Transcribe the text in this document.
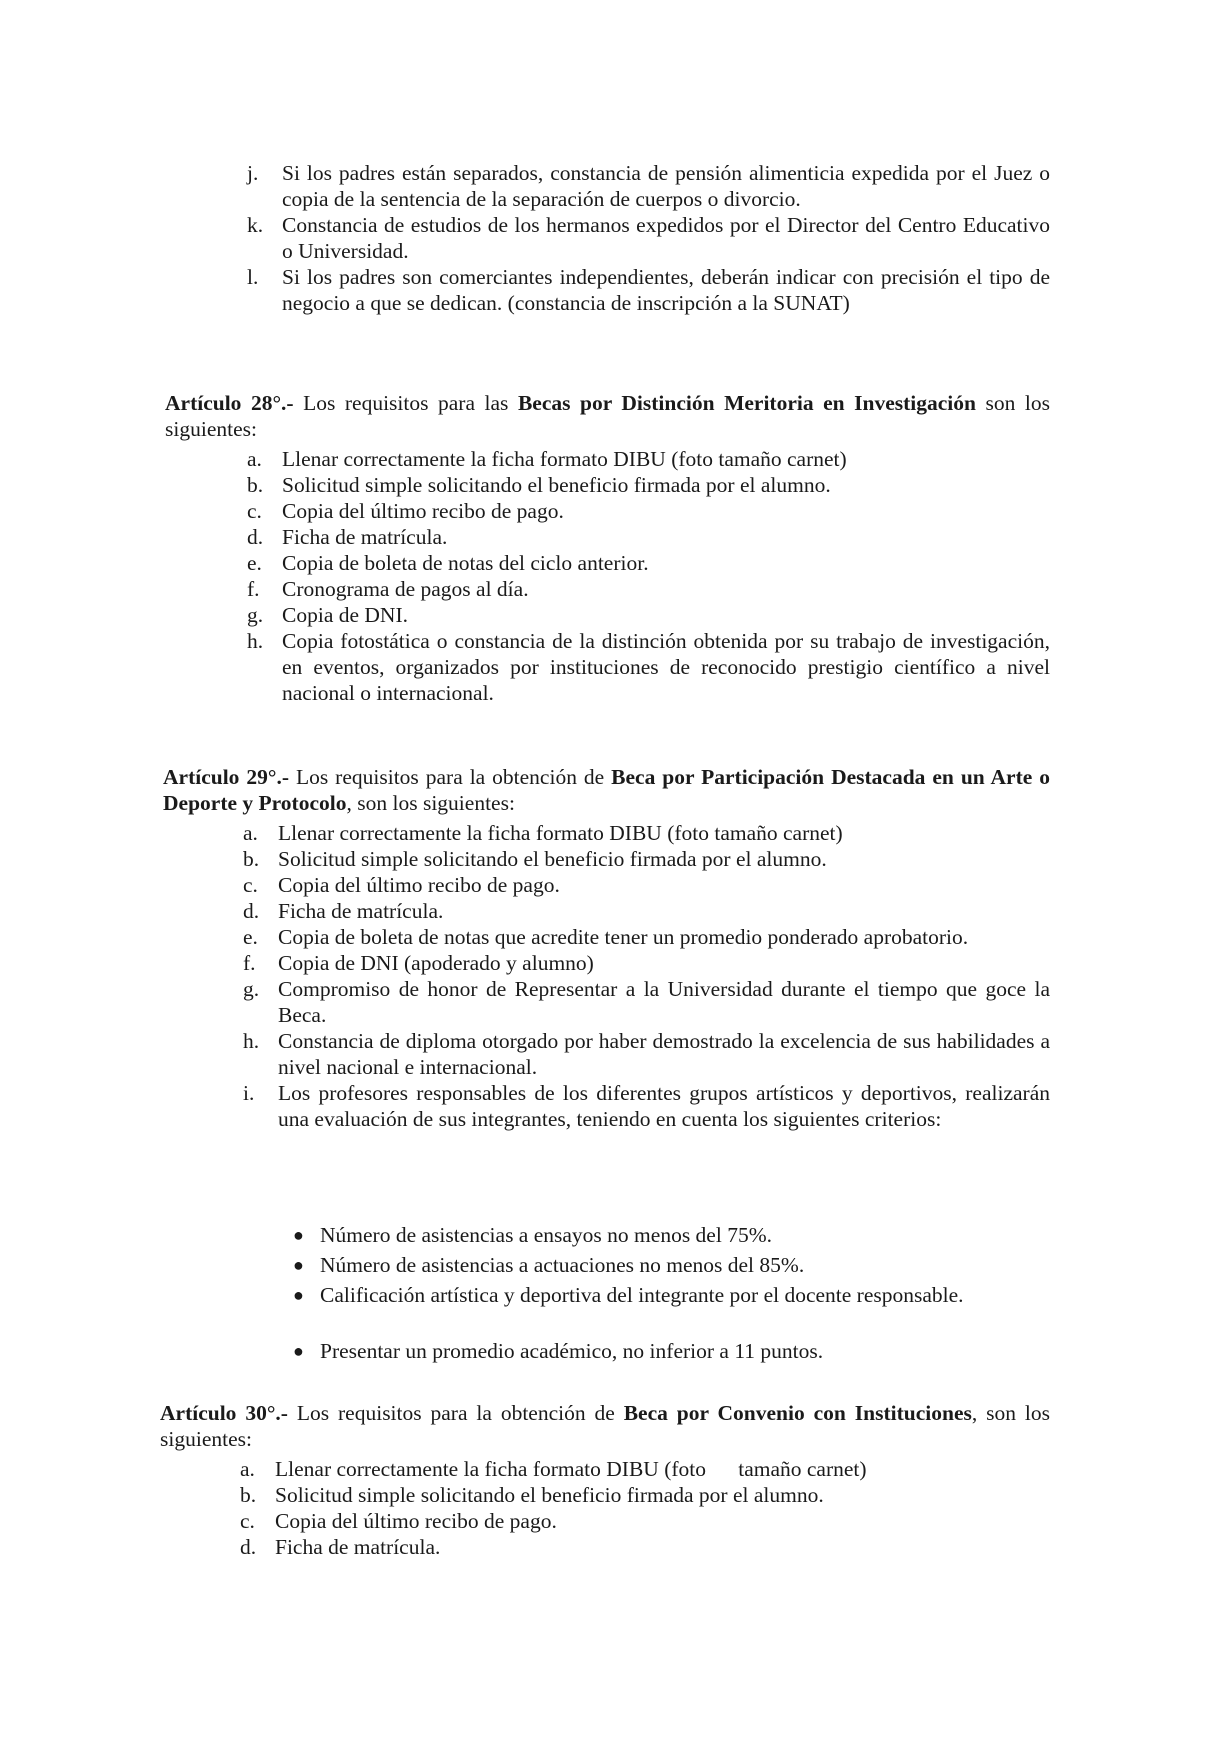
j. Si los padres están separados, constancia de pensión alimenticia expedida por el Juez o copia de la sentencia de la separación de cuerpos o divorcio.
k. Constancia de estudios de los hermanos expedidos por el Director del Centro Educativo o Universidad.
l. Si los padres son comerciantes independientes, deberán indicar con precisión el tipo de negocio a que se dedican. (constancia de inscripción a la SUNAT)
Artículo 28°.- Los requisitos para las Becas por Distinción Meritoria en Investigación son los siguientes:
a. Llenar correctamente la ficha formato DIBU (foto tamaño carnet)
b. Solicitud simple solicitando el beneficio firmada por el alumno.
c. Copia del último recibo de pago.
d. Ficha de matrícula.
e. Copia de boleta de notas del ciclo anterior.
f. Cronograma de pagos al día.
g. Copia de DNI.
h. Copia fotostática o constancia de la distinción obtenida por su trabajo de investigación, en eventos, organizados por instituciones de reconocido prestigio científico a nivel nacional o internacional.
Artículo 29°.- Los requisitos para la obtención de Beca por Participación Destacada en un Arte o Deporte y Protocolo, son los siguientes:
a. Llenar correctamente la ficha formato DIBU (foto tamaño carnet)
b. Solicitud simple solicitando el beneficio firmada por el alumno.
c. Copia del último recibo de pago.
d. Ficha de matrícula.
e. Copia de boleta de notas que acredite tener un promedio ponderado aprobatorio.
f. Copia de DNI (apoderado y alumno)
g. Compromiso de honor de Representar a la Universidad durante el tiempo que goce la Beca.
h. Constancia de diploma otorgado por haber demostrado la excelencia de sus habilidades a nivel nacional e internacional.
i. Los profesores responsables de los diferentes grupos artísticos y deportivos, realizarán una evaluación de sus integrantes, teniendo en cuenta los siguientes criterios:
● Número de asistencias a ensayos no menos del 75%.
● Número de asistencias a actuaciones no menos del 85%.
● Calificación artística y deportiva del integrante por el docente responsable.
● Presentar un promedio académico, no inferior a 11 puntos.
Artículo 30°.- Los requisitos para la obtención de Beca por Convenio con Instituciones, son los siguientes:
a. Llenar correctamente la ficha formato DIBU (foto      tamaño carnet)
b. Solicitud simple solicitando el beneficio firmada por el alumno.
c. Copia del último recibo de pago.
d. Ficha de matrícula.
